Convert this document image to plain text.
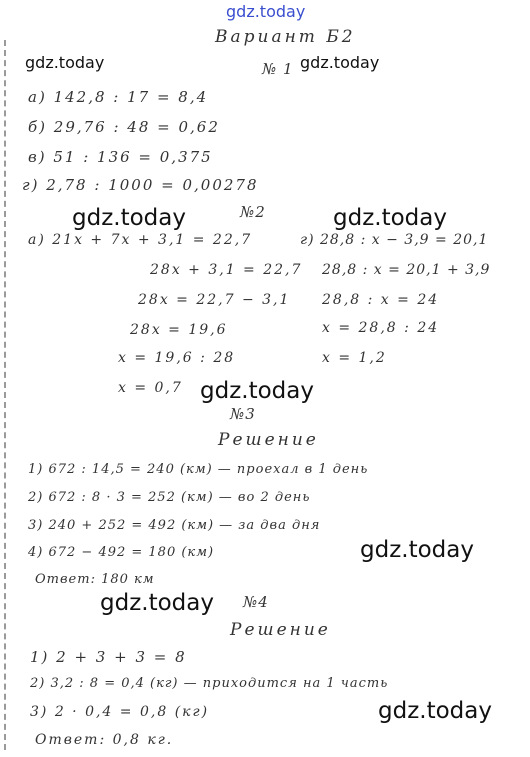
gdz.today
gdz.today	gdz.today
gdz.today	gdz.today
gdz.today
gdz.today
gdz.today
gdz.today
Вариант Б2
№ 1
а) 142,8 : 17 = 8,4
б) 29,76 : 48 = 0,62
в) 51 : 136 = 0,375
г) 2,78 : 1000 = 0,00278
№2
а) 21x + 7x + 3,1 = 22,7
28x + 3,1 = 22,7
28x = 22,7 − 3,1
28x = 19,6
x = 19,6 : 28
x = 0,7
г) 28,8 : x − 3,9 = 20,1
28,8 : x = 20,1 + 3,9
28,8 : x = 24
x = 28,8 : 24
x = 1,2
№3
Решение
1) 672 : 14,5 = 240 (км) — проехал в 1 день
2) 672 : 8 · 3 = 252 (км) — во 2 день
3) 240 + 252 = 492 (км) — за два дня
4) 672 − 492 = 180 (км)
Ответ: 180 км
№4
Решение
1) 2 + 3 + 3 = 8
2) 3,2 : 8 = 0,4 (кг) — приходится на 1 часть
3) 2 · 0,4 = 0,8 (кг)
Ответ: 0,8 кг.
